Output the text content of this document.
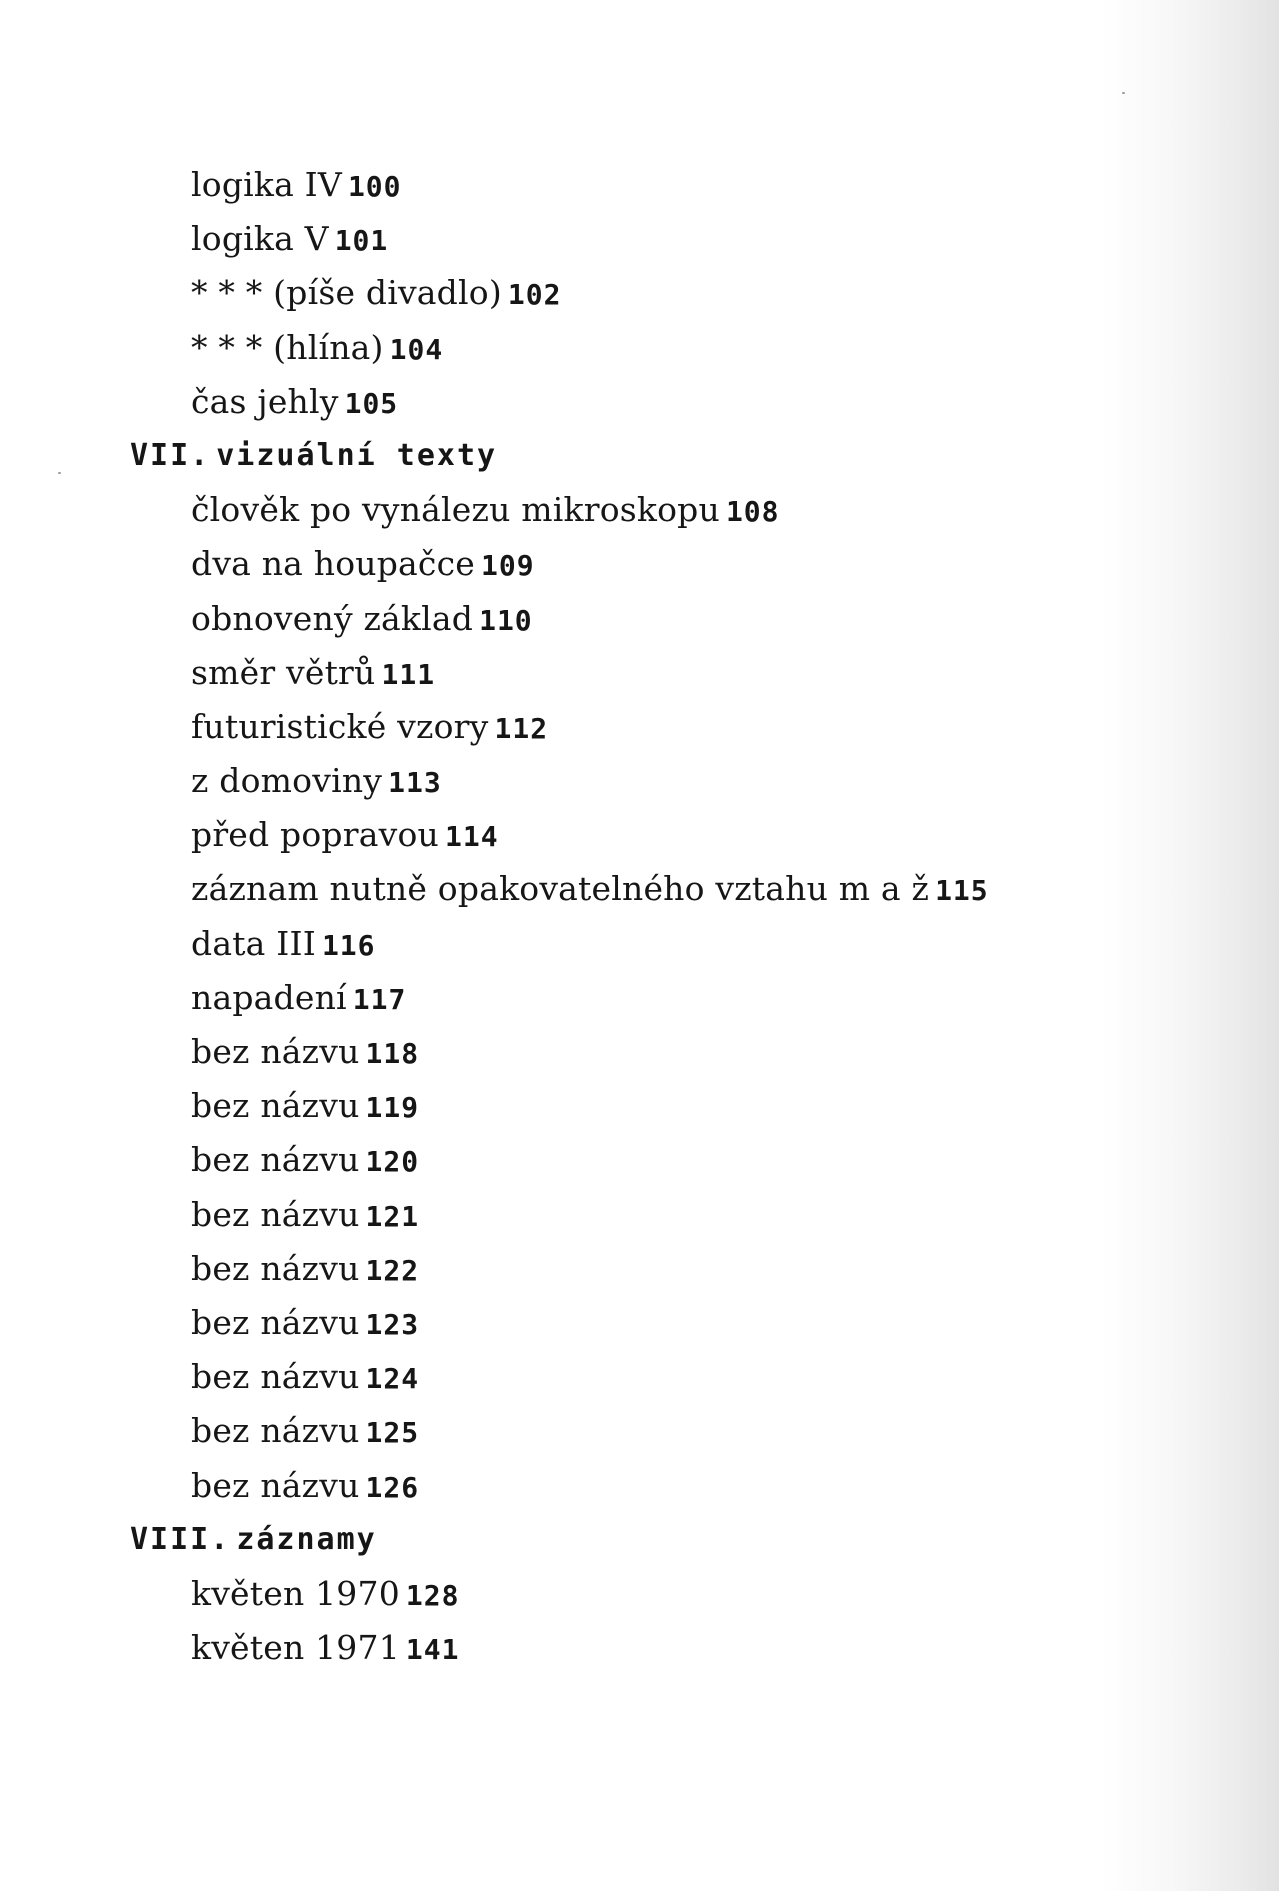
logika IV 100
logika V 101
* * * (píše divadlo) 102
* * * (hlína) 104
čas jehly 105
VII. vizuální texty
člověk po vynálezu mikroskopu 108
dva na houpačce 109
obnovený základ 110
směr větrů 111
futuristické vzory 112
z domoviny 113
před popravou 114
záznam nutně opakovatelného vztahu m a ž 115
data III 116
napadení 117
bez názvu 118
bez názvu 119
bez názvu 120
bez názvu 121
bez názvu 122
bez názvu 123
bez názvu 124
bez názvu 125
bez názvu 126
VIII. záznamy
květen 1970 128
květen 1971 141
